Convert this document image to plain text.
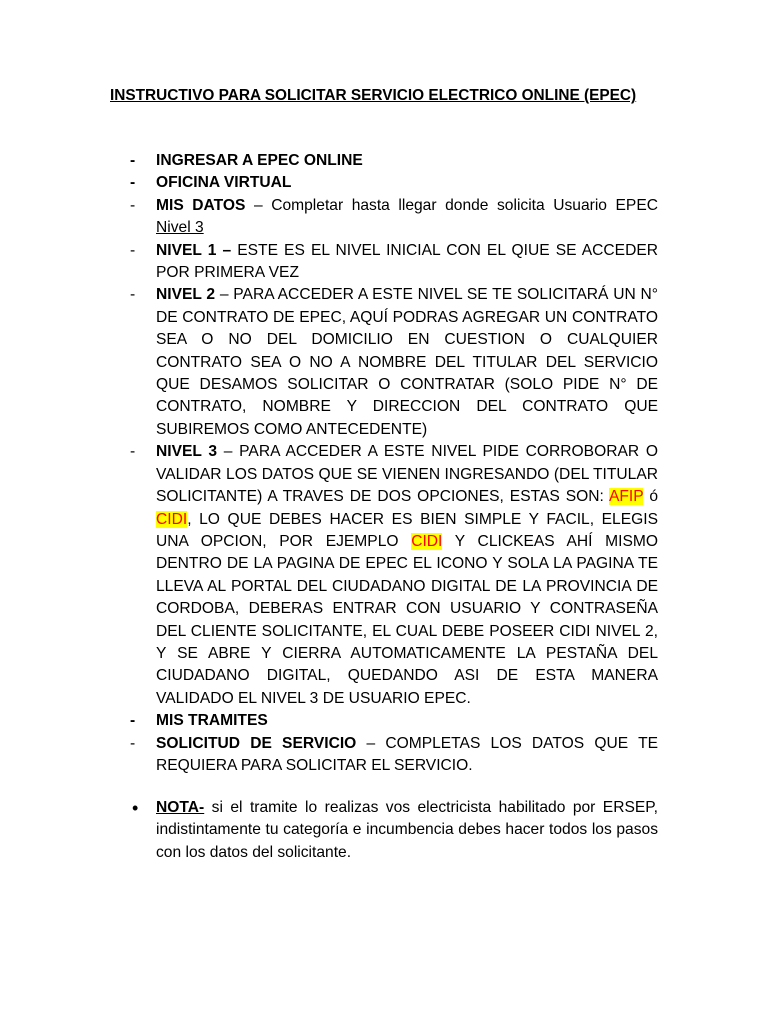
INSTRUCTIVO PARA SOLICITAR SERVICIO ELECTRICO ONLINE (EPEC)
-	INGRESAR A EPEC ONLINE
-	OFICINA VIRTUAL
-	MIS DATOS – Completar hasta llegar donde solicita Usuario EPEC Nivel 3
-	NIVEL 1 – ESTE ES EL NIVEL INICIAL CON EL QIUE SE ACCEDER POR PRIMERA VEZ
-	NIVEL 2 – PARA ACCEDER A ESTE NIVEL SE TE SOLICITARÁ UN N° DE CONTRATO DE EPEC, AQUÍ PODRAS AGREGAR UN CONTRATO SEA O NO DEL DOMICILIO EN CUESTION O CUALQUIER CONTRATO SEA O NO A NOMBRE DEL TITULAR DEL SERVICIO QUE DESAMOS SOLICITAR O CONTRATAR (SOLO PIDE N° DE CONTRATO, NOMBRE Y DIRECCION DEL CONTRATO QUE SUBIREMOS COMO ANTECEDENTE)
-	NIVEL 3 – PARA ACCEDER A ESTE NIVEL PIDE CORROBORAR O VALIDAR LOS DATOS QUE SE VIENEN INGRESANDO (DEL TITULAR SOLICITANTE) A TRAVES DE DOS OPCIONES, ESTAS SON: AFIP ó CIDI, LO QUE DEBES HACER ES BIEN SIMPLE Y FACIL, ELEGIS UNA OPCION, POR EJEMPLO CIDI Y CLICKEAS AHÍ MISMO DENTRO DE LA PAGINA DE EPEC EL ICONO Y SOLA LA PAGINA TE LLEVA AL PORTAL DEL CIUDADANO DIGITAL DE LA PROVINCIA DE CORDOBA, DEBERAS ENTRAR CON USUARIO Y CONTRASEÑA DEL CLIENTE SOLICITANTE, EL CUAL DEBE POSEER CIDI NIVEL 2, Y SE ABRE Y CIERRA AUTOMATICAMENTE LA PESTAÑA DEL CIUDADANO DIGITAL, QUEDANDO ASI DE ESTA MANERA VALIDADO EL NIVEL 3 DE USUARIO EPEC.
-	MIS TRAMITES
-	SOLICITUD DE SERVICIO – COMPLETAS LOS DATOS QUE TE REQUIERA PARA SOLICITAR EL SERVICIO.
•	NOTA- si el tramite lo realizas vos electricista habilitado por ERSEP, indistintamente tu categoría e incumbencia debes hacer todos los pasos con los datos del solicitante.
